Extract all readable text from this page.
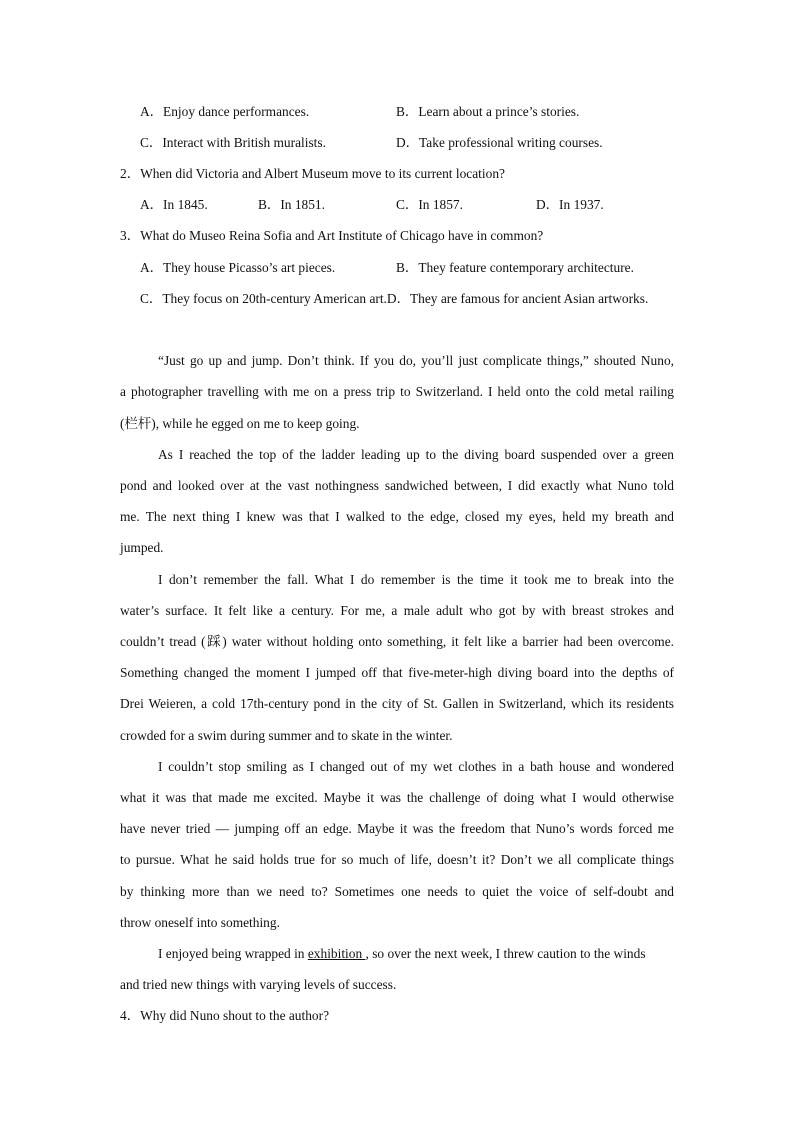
A．Enjoy dance performances.	B．Learn about a prince’s stories.
C．Interact with British muralists.	D．Take professional writing courses.
2．When did Victoria and Albert Museum move to its current location?
A．In 1845.	B．In 1851.	C．In 1857.	D．In 1937.
3．What do Museo Reina Sofia and Art Institute of Chicago have in common?
A．They house Picasso’s art pieces.	B．They feature contemporary architecture.
C．They focus on 20th-century American art.D．They are famous for ancient Asian artworks.
“Just go up and jump. Don’t think. If you do, you’ll just complicate things,” shouted Nuno,
a photographer travelling with me on a press trip to Switzerland. I held onto the cold metal railing
(栏杆), while he egged on me to keep going.
As I reached the top of the ladder leading up to the diving board suspended over a green
pond and looked over at the vast nothingness sandwiched between, I did exactly what Nuno told
me. The next thing I knew was that I walked to the edge, closed my eyes, held my breath and
jumped.
I don’t remember the fall. What I do remember is the time it took me to break into the
water’s surface. It felt like a century. For me, a male adult who got by with breast strokes and
couldn’t tread (踩) water without holding onto something, it felt like a barrier had been overcome.
Something changed the moment I jumped off that five-meter-high diving board into the depths of
Drei Weieren, a cold 17th-century pond in the city of St. Gallen in Switzerland, which its residents
crowded for a swim during summer and to skate in the winter.
I couldn’t stop smiling as I changed out of my wet clothes in a bath house and wondered
what it was that made me excited. Maybe it was the challenge of doing what I would otherwise
have never tried — jumping off an edge. Maybe it was the freedom that Nuno’s words forced me
to pursue. What he said holds true for so much of life, doesn’t it? Don’t we all complicate things
by thinking more than we need to? Sometimes one needs to quiet the voice of self-doubt and
throw oneself into something.
I enjoyed being wrapped in exhibition , so over the next week, I threw caution to the winds
and tried new things with varying levels of success.
4．Why did Nuno shout to the author?
